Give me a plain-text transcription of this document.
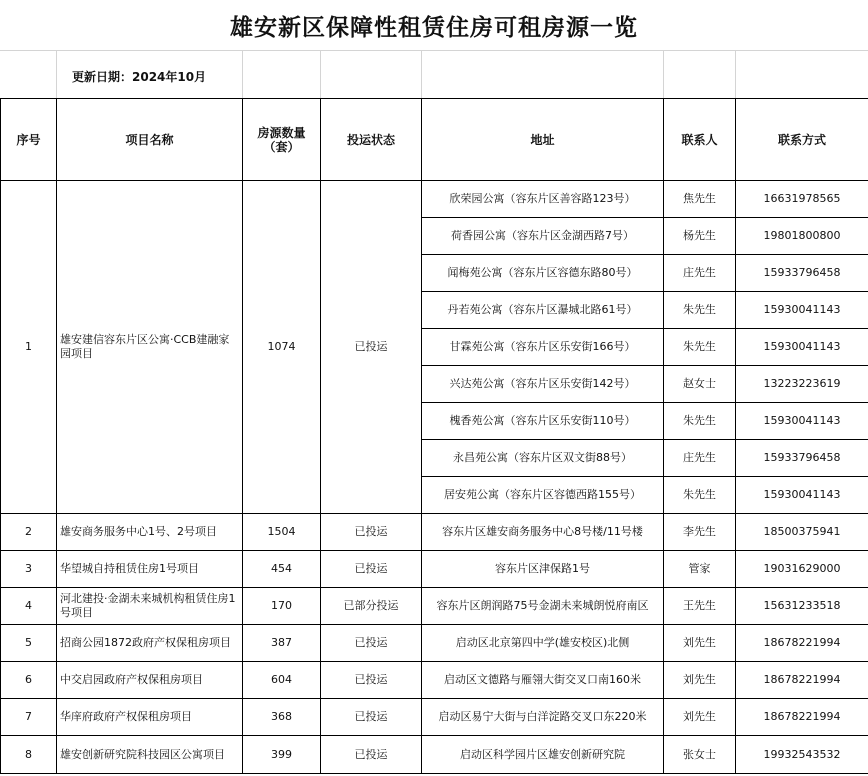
雄安新区保障性租赁住房可租房源一览
更新日期：2024年10月
序号	项目名称	房源数量（套）	投运状态	地址	联系人	联系方式
1	雄安建信容东片区公寓·CCB建融家园项目	1074	已投运	欣荣园公寓（容东片区善容路123号）	焦先生	16631978565
				荷香园公寓（容东片区金湖西路7号）	杨先生	19801800800
				闻梅苑公寓（容东片区容德东路80号）	庄先生	15933796458
				丹若苑公寓（容东片区瀑城北路61号）	朱先生	15930041143
				甘霖苑公寓（容东片区乐安街166号）	朱先生	15930041143
				兴达苑公寓（容东片区乐安街142号）	赵女士	13223223619
				槐香苑公寓（容东片区乐安街110号）	朱先生	15930041143
				永昌苑公寓（容东片区双文街88号）	庄先生	15933796458
				居安苑公寓（容东片区容德西路155号）	朱先生	15930041143
2	雄安商务服务中心1号、2号项目	1504	已投运	容东片区雄安商务服务中心8号楼/11号楼	李先生	18500375941
3	华望城自持租赁住房1号项目	454	已投运	容东片区津保路1号	管家	19031629000
4	河北建投·金湖未来城机构租赁住房1号项目	170	已部分投运	容东片区朗润路75号金湖未来城朗悦府南区	王先生	15631233518
5	招商公园1872政府产权保租房项目	387	已投运	启动区北京第四中学(雄安校区)北侧	刘先生	18678221994
6	中交启园政府产权保租房项目	604	已投运	启动区文德路与雁翎大街交叉口南160米	刘先生	18678221994
7	华庠府政府产权保租房项目	368	已投运	启动区易宁大街与白洋淀路交叉口东220米	刘先生	18678221994
8	雄安创新研究院科技园区公寓项目	399	已投运	启动区科学园片区雄安创新研究院	张女士	19932543532
